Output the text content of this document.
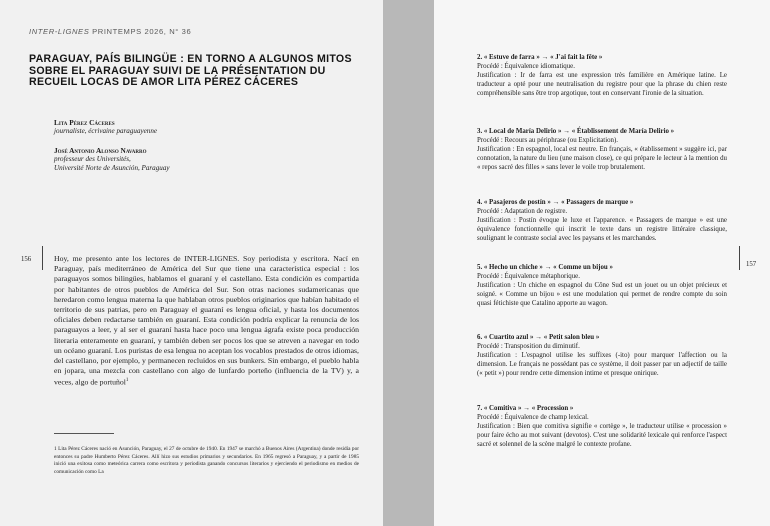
INTER-LIGNES PRINTEMPS 2026, N° 36
PARAGUAY, PAÍS BILINGÜE : EN TORNO A ALGUNOS MITOS SOBRE EL PARAGUAY SUIVI DE LA PRÉSENTATION DU RECUEIL LOCAS DE AMOR LITA PÉREZ CÁCERES
Lita Pérez Cáceres
journaliste, écrivaine paraguayenne
José Antonio Alonso Navarro
professeur des Universités,
Université Norte de Asunción, Paraguay
156	Hoy, me presento ante los lectores de INTER-LIGNES. Soy periodista y escritora. Nací en Paraguay, país mediterráneo de América del Sur que tiene una característica especial : los paraguayos somos bilingües, hablamos el guaraní y el castellano. Esta condición es compartida por habitantes de otros pueblos de América del Sur. Son otras naciones sudamericanas que heredaron como lengua materna la que hablaban otros pueblos originarios que habían habitado el territorio de sus patrias, pero en Paraguay el guaraní es lengua oficial, y hasta los documentos oficiales deben redactarse también en guaraní. Esta condición podría explicar la renuncia de los paraguayos a leer, y al ser el guaraní hasta hace poco una lengua ágrafa existe poca producción literaria enteramente en guaraní, y también deben ser pocos los que se atreven a navegar en todo un océano guaraní. Los puristas de esa lengua no aceptan los vocablos prestados de otros idiomas, del castellano, por ejemplo, y permanecen recluidos en sus bunkers. Sin embargo, el pueblo habla en jopara, una mezcla con castellano con algo de lunfardo porteño (influencia de la TV) y, a veces, algo de portuñol$^1$
1 Lita Pérez Cáceres nació en Asunción, Paraguay, el 27 de octubre de 1940. En 1947 se marchó a Buenos Aires (Argentina) donde residía por entonces su padre Humberto Pérez Cáceres. Allí hizo sus estudios primarios y secundarios. En 1965 regresó a Paraguay, y a partir de 1985 inició una exitosa como meteórica carrera como escritora y periodista ganando concursos literarios y ejerciendo el periodismo en medios de comunicación como La
2. « Estuve de farra » → « J'ai fait la fête »
Procédé : Équivalence idiomatique.
Justification : Ir de farra est une expression très familière en Amérique latine. Le traducteur a opté pour une neutralisation du registre pour que la phrase du chien reste compréhensible sans être trop argotique, tout en conservant l'ironie de la situation.
3. « Local de María Delirio » → « Établissement de María Delirio »
Procédé : Recours au périphrase (ou Explicitation).
Justification : En espagnol, local est neutre. En français, « établissement » suggère ici, par connotation, la nature du lieu (une maison close), ce qui prépare le lecteur à la mention du « repos sacré des filles » sans lever le voile trop brutalement.
4. « Pasajeros de postín » → « Passagers de marque »
Procédé : Adaptation de registre.
Justification : Postín évoque le luxe et l'apparence. « Passagers de marque » est une équivalence fonctionnelle qui inscrit le texte dans un registre littéraire classique, soulignant le contraste social avec les paysans et les marchandes.
157
5. « Hecho un chiche » → « Comme un bijou »
Procédé : Équivalence métaphorique.
Justification : Un chiche en espagnol du Cône Sud est un jouet ou un objet précieux et soigné. « Comme un bijou » est une modulation qui permet de rendre compte du soin quasi fétichiste que Catalino apporte au wagon.
6. « Cuartito azul » → « Petit salon bleu »
Procédé : Transposition du diminutif.
Justification : L'espagnol utilise les suffixes (-ito) pour marquer l'affection ou la dimension. Le français ne possédant pas ce système, il doit passer par un adjectif de taille (« petit ») pour rendre cette dimension intime et presque onirique.
7. « Comitiva » → « Procession »
Procédé : Équivalence de champ lexical.
Justification : Bien que comitiva signifie « cortège », le traducteur utilise « procession » pour faire écho au mot suivant (devotos). C'est une solidarité lexicale qui renforce l'aspect sacré et solennel de la scène malgré le contexte profane.
